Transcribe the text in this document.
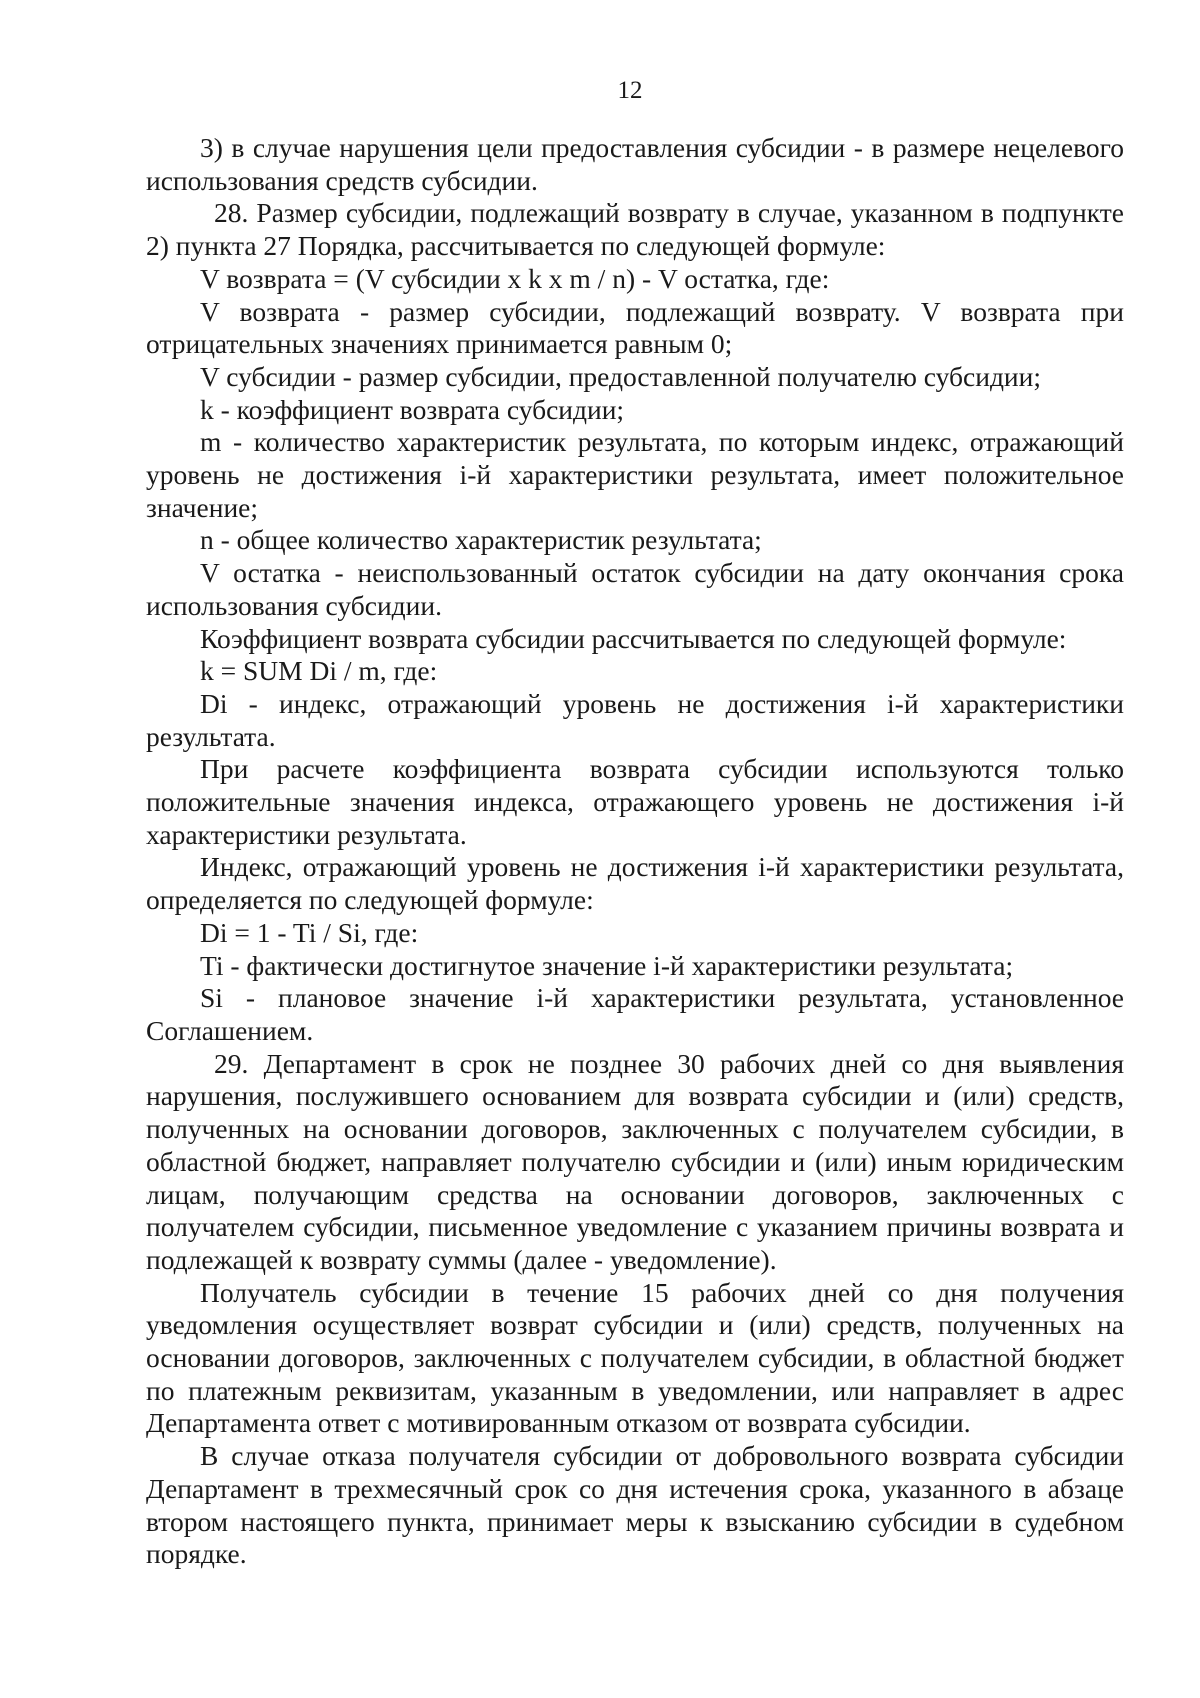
12

3) в случае нарушения цели предоставления субсидии - в размере нецелевого использования средств субсидии.

28. Размер субсидии, подлежащий возврату в случае, указанном в подпункте 2) пункта 27 Порядка, рассчитывается по следующей формуле:

V возврата = (V субсидии x k x m / n) - V остатка, где:

V возврата - размер субсидии, подлежащий возврату. V возврата при отрицательных значениях принимается равным 0;

V субсидии - размер субсидии, предоставленной получателю субсидии;

k - коэффициент возврата субсидии;

m - количество характеристик результата, по которым индекс, отражающий уровень не достижения i-й характеристики результата, имеет положительное значение;

n - общее количество характеристик результата;

V остатка - неиспользованный остаток субсидии на дату окончания срока использования субсидии.

Коэффициент возврата субсидии рассчитывается по следующей формуле:

k = SUM Di / m, где:

Di - индекс, отражающий уровень не достижения i-й характеристики результата.

При расчете коэффициента возврата субсидии используются только положительные значения индекса, отражающего уровень не достижения i-й характеристики результата.

Индекс, отражающий уровень не достижения i-й характеристики результата, определяется по следующей формуле:

Di = 1 - Ti / Si, где:

Ti - фактически достигнутое значение i-й характеристики результата;

Si - плановое значение i-й характеристики результата, установленное Соглашением.

29. Департамент в срок не позднее 30 рабочих дней со дня выявления нарушения, послужившего основанием для возврата субсидии и (или) средств, полученных на основании договоров, заключенных с получателем субсидии, в областной бюджет, направляет получателю субсидии и (или) иным юридическим лицам, получающим средства на основании договоров, заключенных с получателем субсидии, письменное уведомление с указанием причины возврата и подлежащей к возврату суммы (далее - уведомление).

Получатель субсидии в течение 15 рабочих дней со дня получения уведомления осуществляет возврат субсидии и (или) средств, полученных на основании договоров, заключенных с получателем субсидии, в областной бюджет по платежным реквизитам, указанным в уведомлении, или направляет в адрес Департамента ответ с мотивированным отказом от возврата субсидии.

В случае отказа получателя субсидии от добровольного возврата субсидии Департамент в трехмесячный срок со дня истечения срока, указанного в абзаце втором настоящего пункта, принимает меры к взысканию субсидии в судебном порядке.
